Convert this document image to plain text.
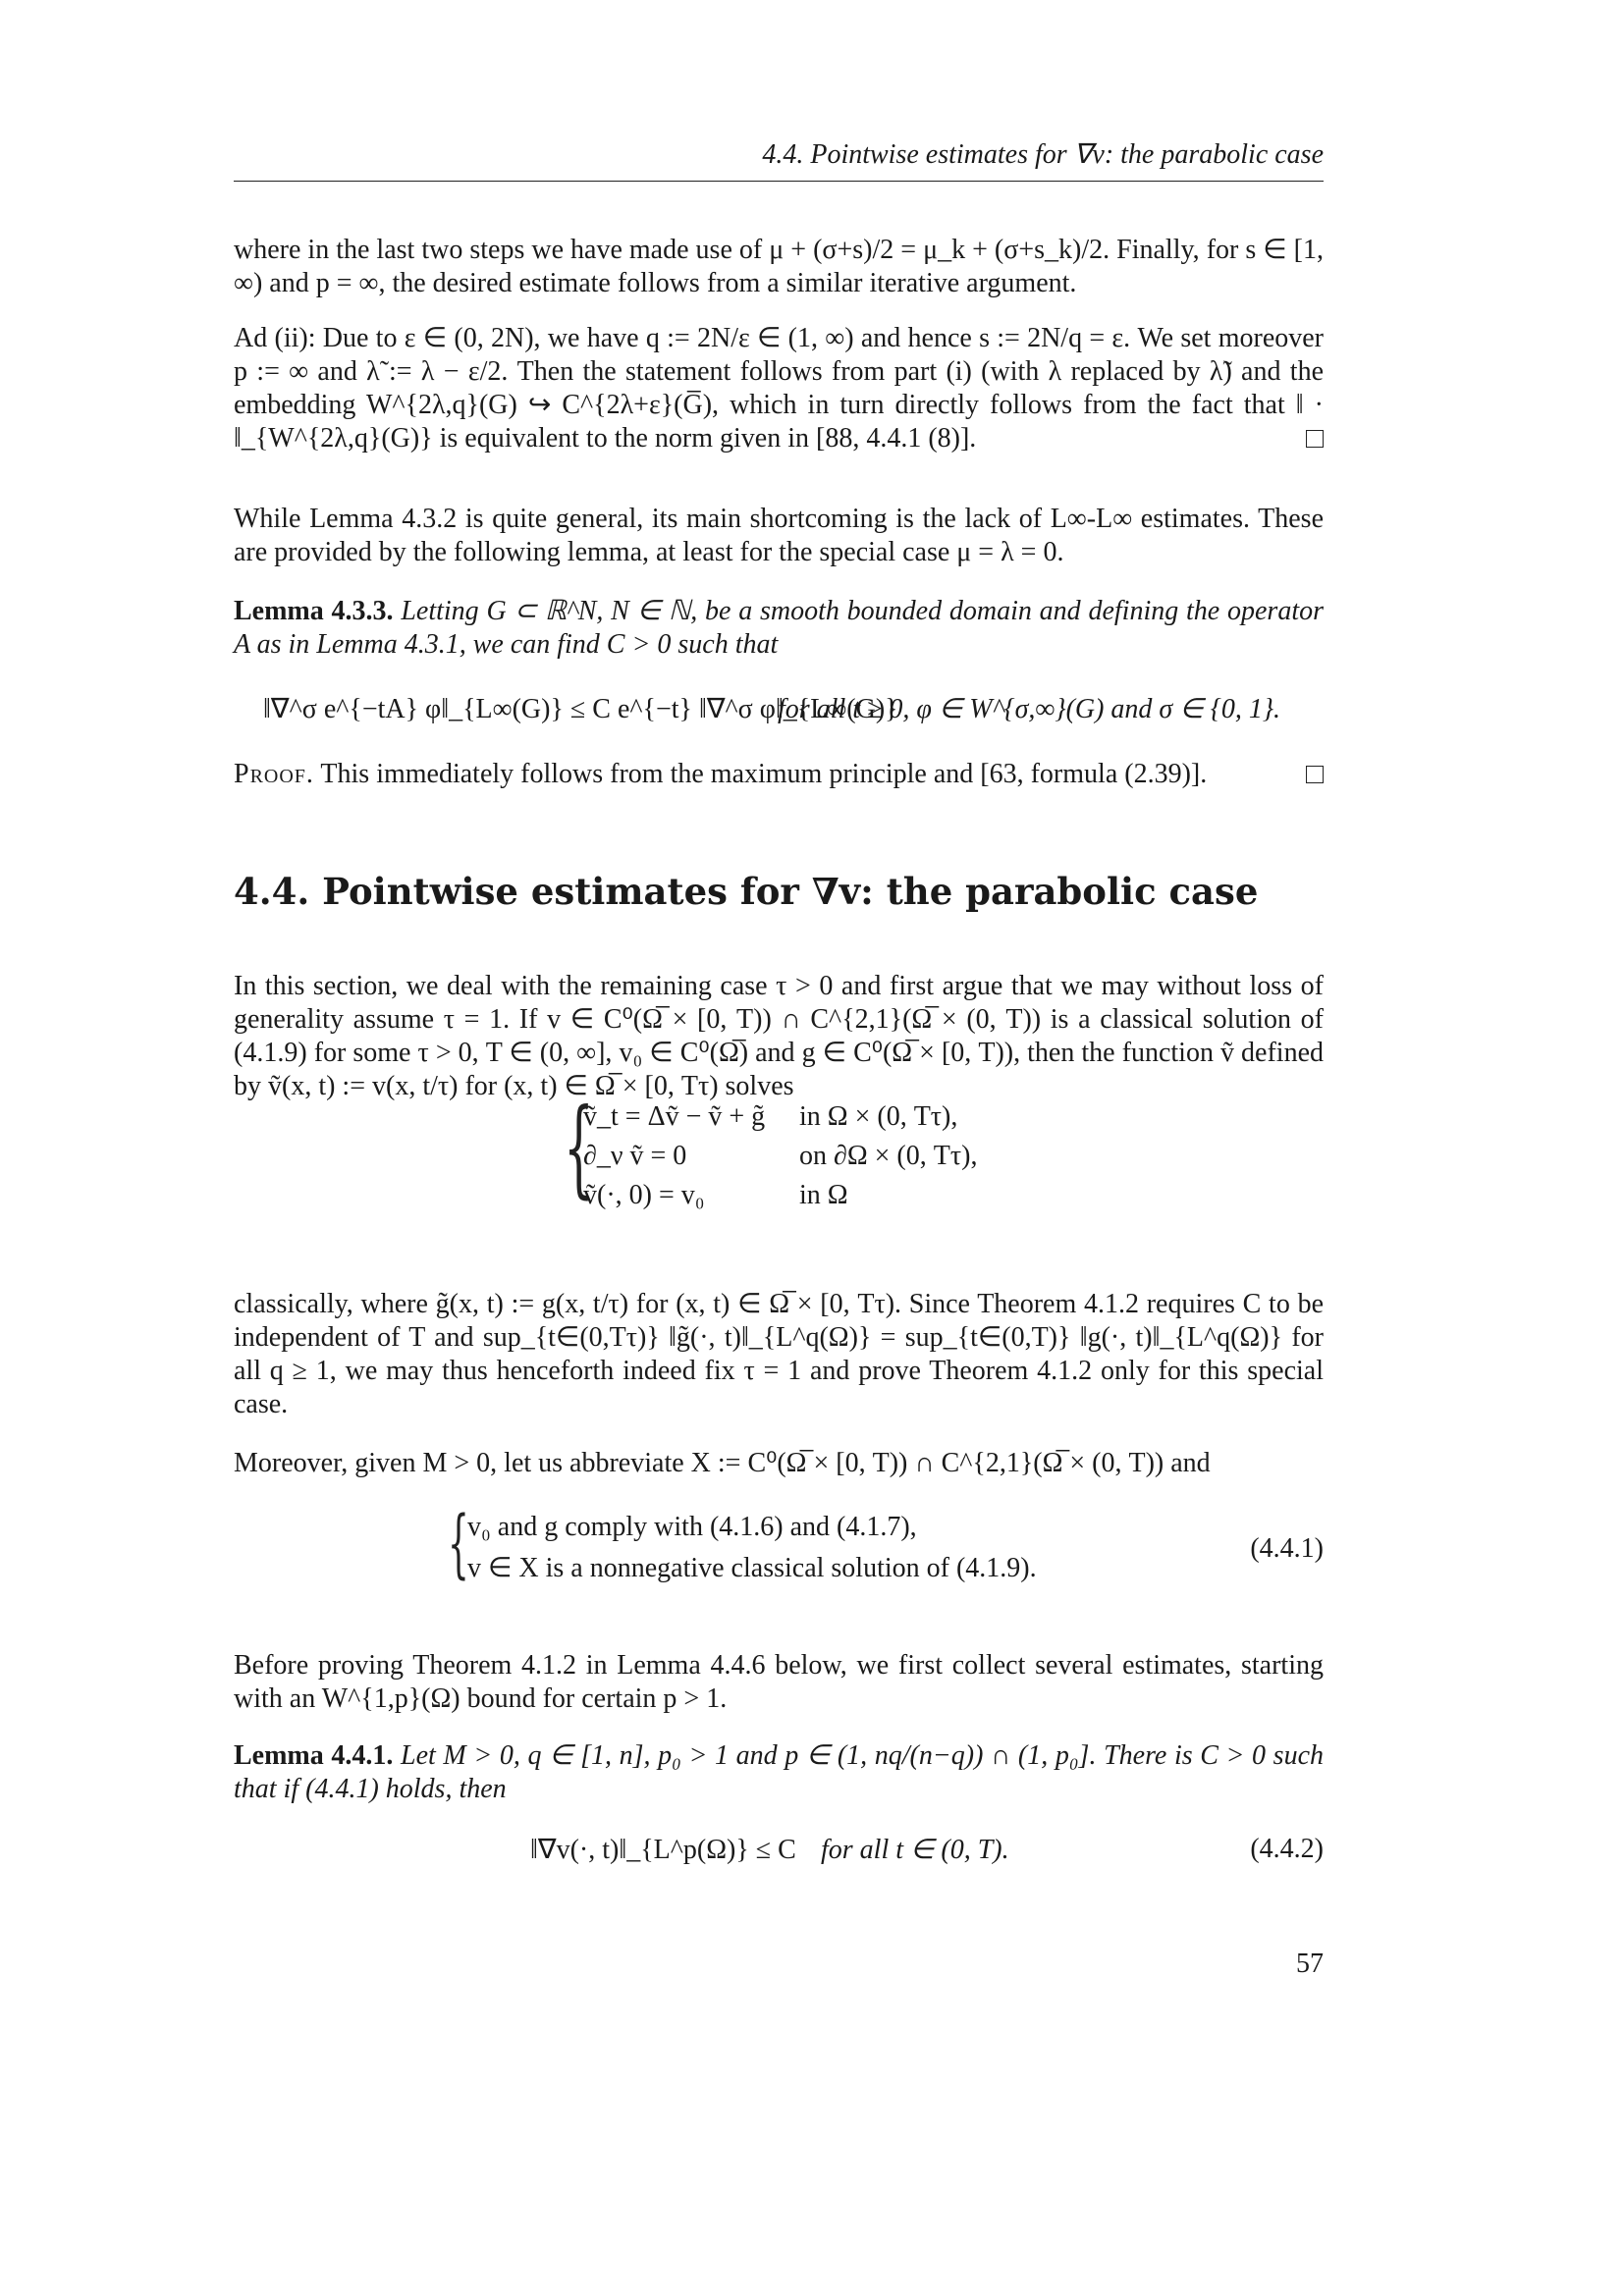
4.4. Pointwise estimates for ∇v: the parabolic case
where in the last two steps we have made use of μ + (σ+s)/2 = μ_k + (σ+s_k)/2. Finally, for s ∈ [1, ∞) and p = ∞, the desired estimate follows from a similar iterative argument.
Ad (ii): Due to ε ∈ (0, 2N), we have q := 2N/ε ∈ (1, ∞) and hence s := 2N/q = ε. We set moreover p := ∞ and λ̃ := λ − ε/2. Then the statement follows from part (i) (with λ replaced by λ̃) and the embedding W^{2λ,q}(G) ↪ C^{2λ+ε}(G̅), which in turn directly follows from the fact that ‖ · ‖_{W^{2λ,q}(G)} is equivalent to the norm given in [88, 4.4.1 (8)].
While Lemma 4.3.2 is quite general, its main shortcoming is the lack of L∞-L∞ estimates. These are provided by the following lemma, at least for the special case μ = λ = 0.
Lemma 4.3.3. Letting G ⊂ ℝ^N, N ∈ ℕ, be a smooth bounded domain and defining the operator A as in Lemma 4.3.1, we can find C > 0 such that
‖∇^σ e^{−tA} φ‖_{L∞(G)} ≤ C e^{−t} ‖∇^σ φ‖_{L∞(G)}
for all t ≥ 0, φ ∈ W^{σ,∞}(G) and σ ∈ {0, 1}.
Proof. This immediately follows from the maximum principle and [63, formula (2.39)].
4.4. Pointwise estimates for ∇v: the parabolic case
In this section, we deal with the remaining case τ > 0 and first argue that we may without loss of generality assume τ = 1. If v ∈ C⁰(Ω̅ × [0, T)) ∩ C^{2,1}(Ω̅ × (0, T)) is a classical solution of (4.1.9) for some τ > 0, T ∈ (0, ∞], v₀ ∈ C⁰(Ω̅) and g ∈ C⁰(Ω̅ × [0, T)), then the function ṽ defined by ṽ(x, t) := v(x, t/τ) for (x, t) ∈ Ω̅ × [0, Tτ) solves
{
ṽ_t = Δṽ − ṽ + g̃ in Ω × (0, Tτ),
∂_ν ṽ = 0	on ∂Ω × (0, Tτ),
ṽ(·, 0) = v₀	in Ω
classically, where g̃(x, t) := g(x, t/τ) for (x, t) ∈ Ω̅ × [0, Tτ). Since Theorem 4.1.2 requires C to be independent of T and sup_{t∈(0,Tτ)} ‖g̃(·, t)‖_{L^q(Ω)} = sup_{t∈(0,T)} ‖g(·, t)‖_{L^q(Ω)} for all q ≥ 1, we may thus henceforth indeed fix τ = 1 and prove Theorem 4.1.2 only for this special case.
Moreover, given M > 0, let us abbreviate X := C⁰(Ω̅ × [0, T)) ∩ C^{2,1}(Ω̅ × (0, T)) and
{
v₀ and g comply with (4.1.6) and (4.1.7),
v ∈ X is a nonnegative classical solution of (4.1.9).
(4.4.1)
Before proving Theorem 4.1.2 in Lemma 4.4.6 below, we first collect several estimates, starting with an W^{1,p}(Ω) bound for certain p > 1.
Lemma 4.4.1. Let M > 0, q ∈ [1, n], p₀ > 1 and p ∈ (1, nq/(n−q)) ∩ (1, p₀]. There is C > 0 such that if (4.4.1) holds, then
‖∇v(·, t)‖_{L^p(Ω)} ≤ C for all t ∈ (0, T).	(4.4.2)
57
